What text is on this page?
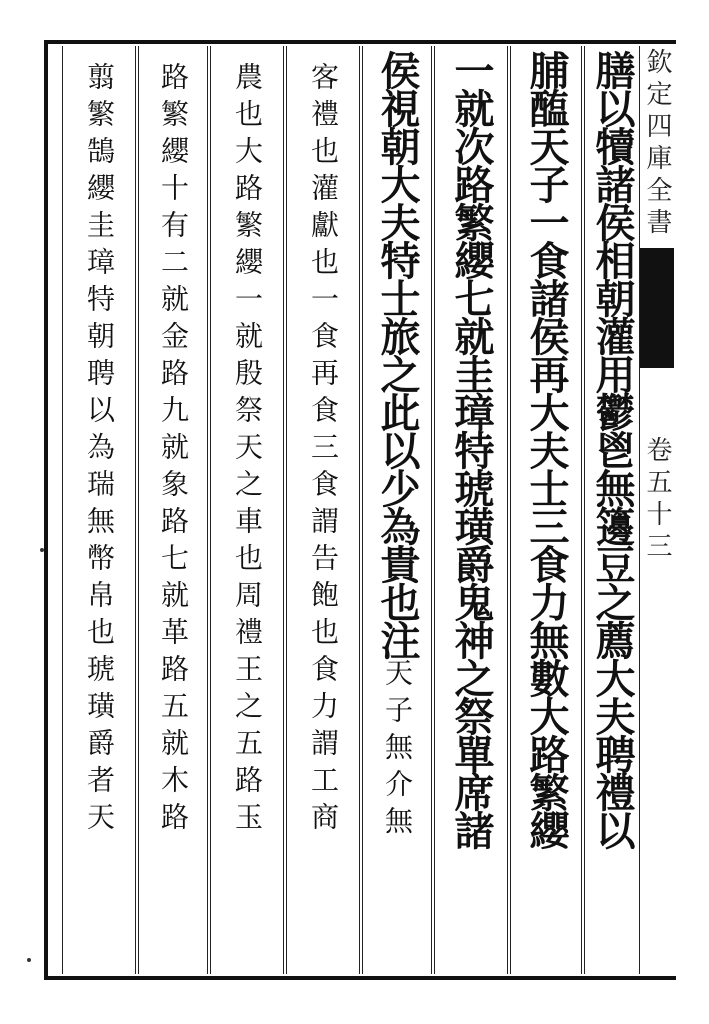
欽定四庫全書
卷五十三
膳以犢諸侯相朝灌用鬱鬯無籩豆之薦大夫聘禮以
脯醢天子一食諸侯再大夫士三食力無數大路繁纓
一就次路繁纓七就圭璋特琥璜爵鬼神之祭單席諸
侯視朝大夫特士旅之此以少為貴也注天子無介無
客禮也灌獻也一食再食三食謂告飽也食力謂工商
農也大路繁纓一就殷祭天之車也周禮王之五路玉
路繁纓十有二就金路九就象路七就革路五就木路
翦繁鵠纓圭璋特朝聘以為瑞無幣帛也琥璜爵者天
